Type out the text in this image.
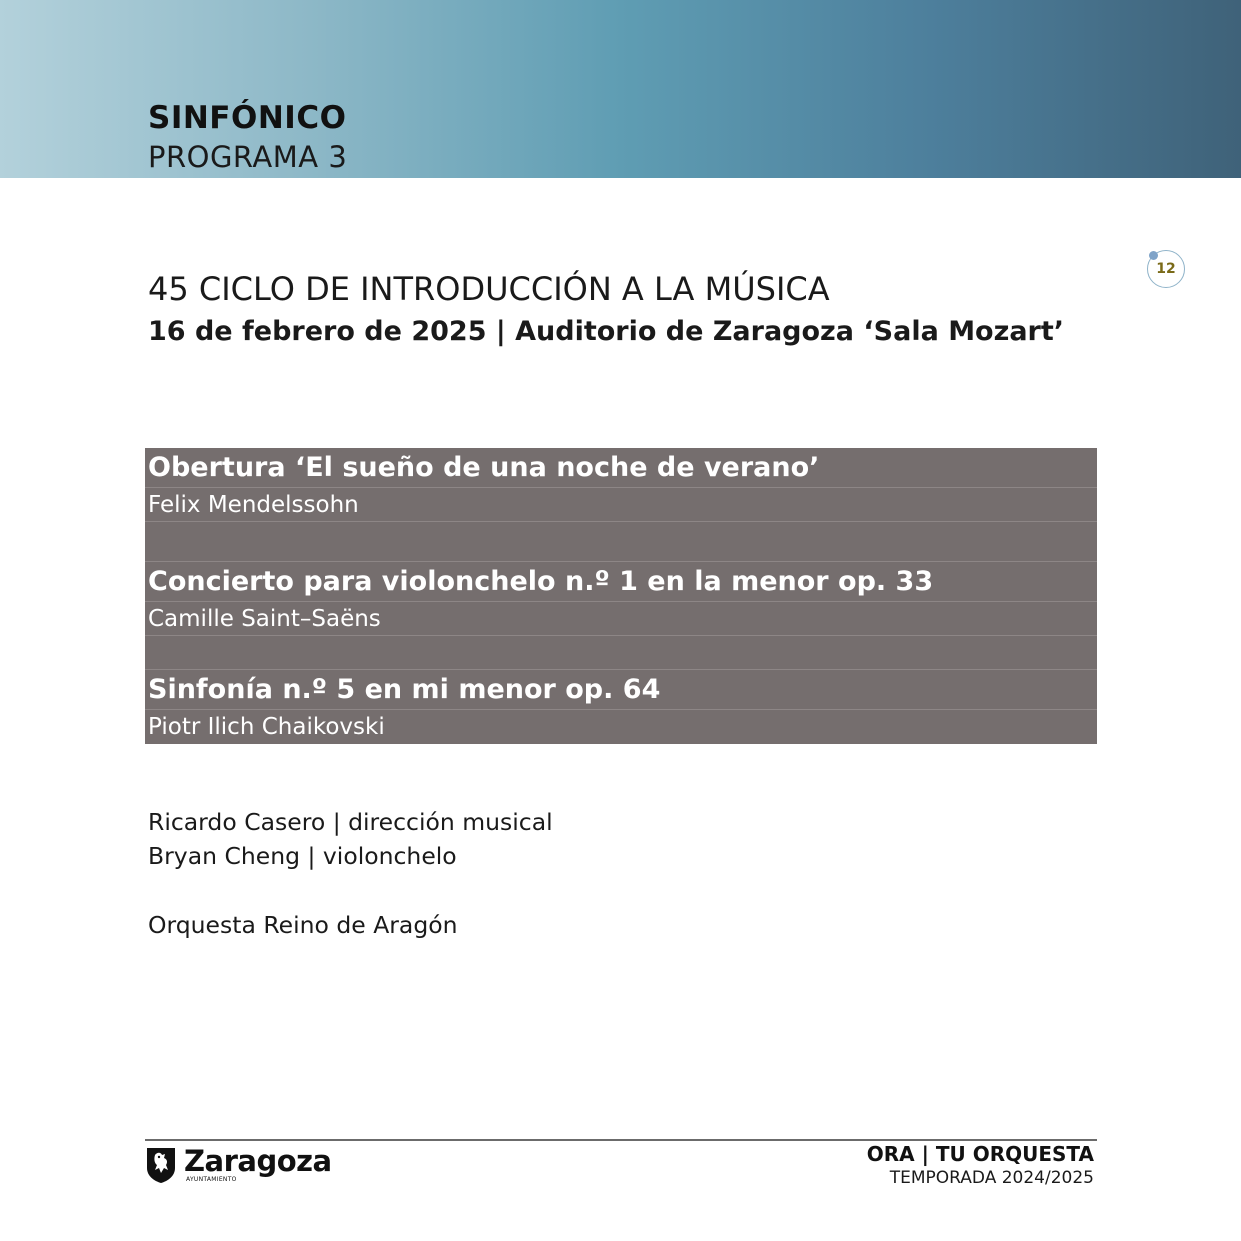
SINFÓNICO
PROGRAMA 3
12
45 CICLO DE INTRODUCCIÓN A LA MÚSICA
16 de febrero de 2025 | Auditorio de Zaragoza ‘Sala Mozart’
Obertura ‘El sueño de una noche de verano’
Felix Mendelssohn
Concierto para violonchelo n.º 1 en la menor op. 33
Camille Saint–Saëns
Sinfonía n.º 5 en mi menor op. 64
Piotr Ilich Chaikovski
Ricardo Casero | dirección musical
Bryan Cheng | violonchelo
Orquesta Reino de Aragón
Zaragoza
AYUNTAMIENTO
ORA | TU ORQUESTA
TEMPORADA 2024/2025
